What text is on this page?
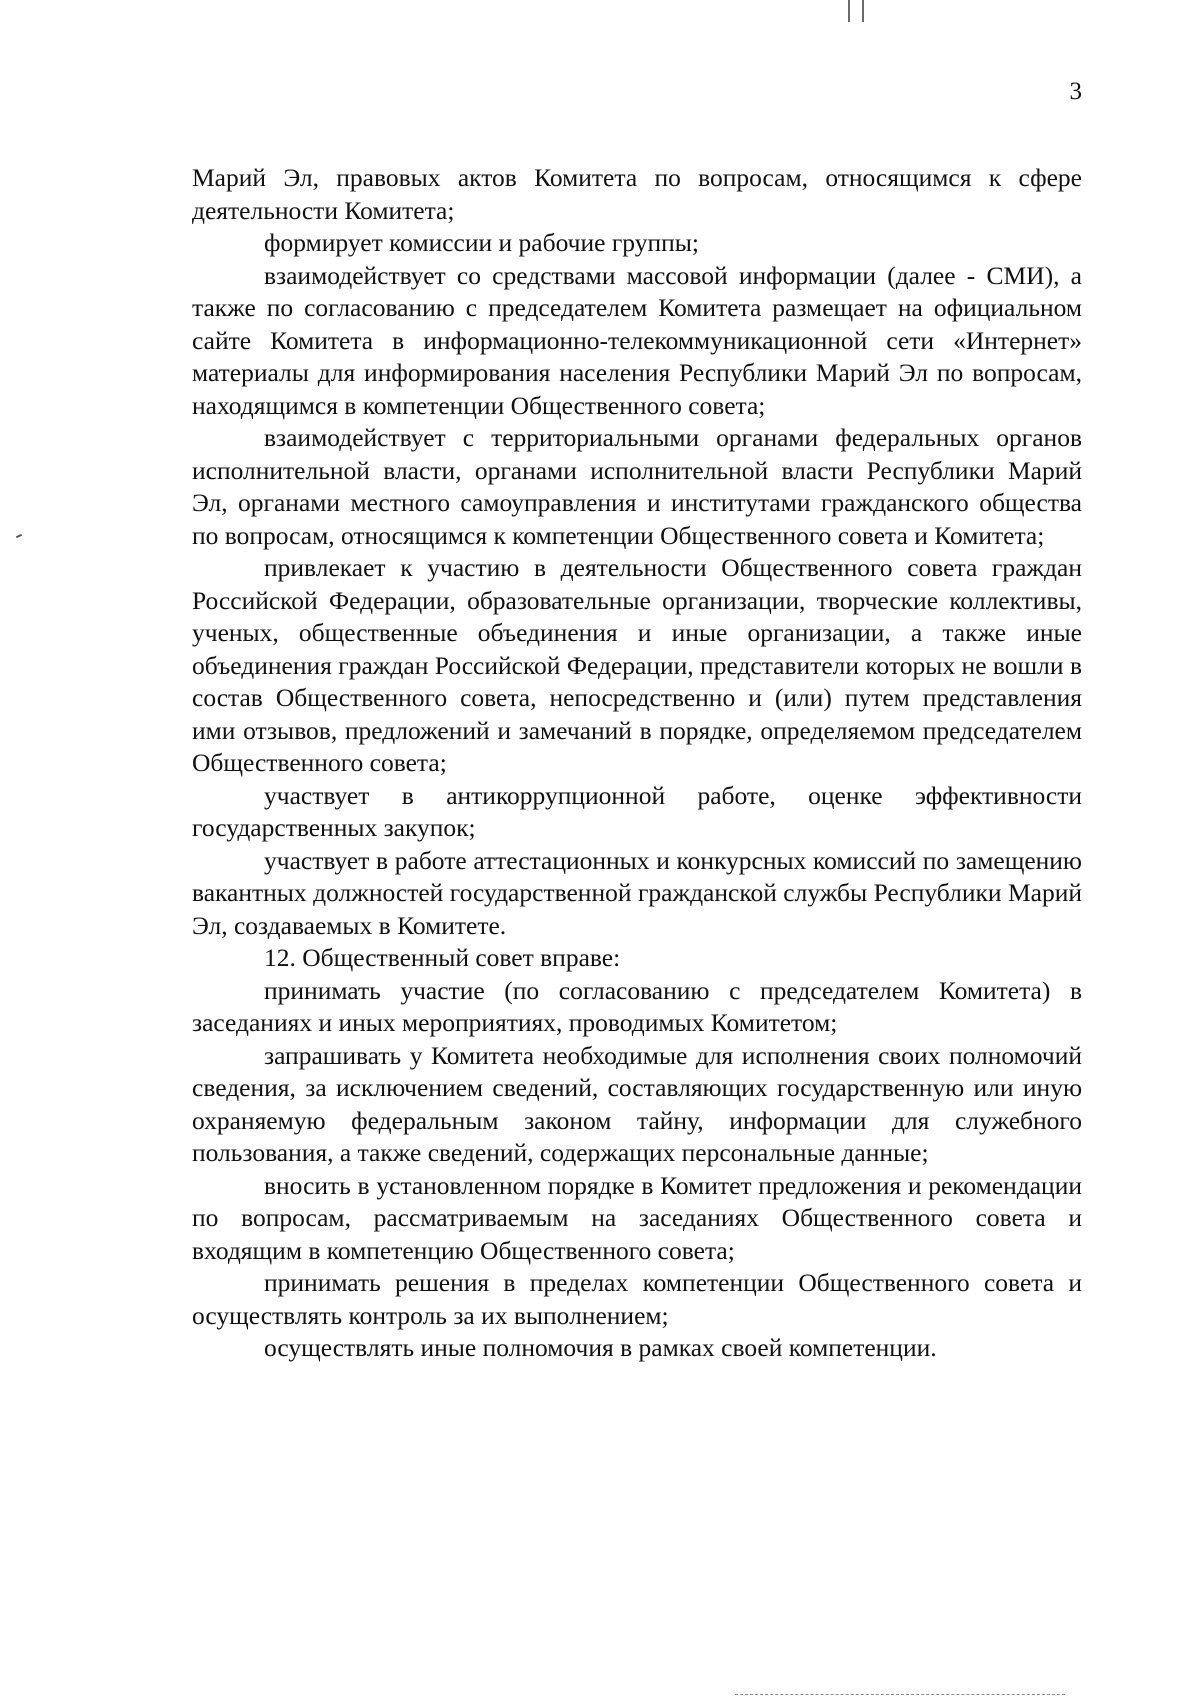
3

Марий Эл, правовых актов Комитета по вопросам, относящимся к сфере деятельности Комитета;

формирует комиссии и рабочие группы;

взаимодействует со средствами массовой информации (далее - СМИ), а также по согласованию с председателем Комитета размещает на официальном сайте Комитета в информационно-телекоммуникационной сети «Интернет» материалы для информирования населения Республики Марий Эл по вопросам, находящимся в компетенции Общественного совета;

взаимодействует с территориальными органами федеральных органов исполнительной власти, органами исполнительной власти Республики Марий Эл, органами местного самоуправления и институтами гражданского общества по вопросам, относящимся к компетенции Общественного совета и Комитета;

привлекает к участию в деятельности Общественного совета граждан Российской Федерации, образовательные организации, творческие коллективы, ученых, общественные объединения и иные организации, а также иные объединения граждан Российской Федерации, представители которых не вошли в состав Общественного совета, непосредственно и (или) путем представления ими отзывов, предложений и замечаний в порядке, определяемом председателем Общественного совета;

участвует в антикоррупционной работе, оценке эффективности государственных закупок;

участвует в работе аттестационных и конкурсных комиссий по замещению вакантных должностей государственной гражданской службы Республики Марий Эл, создаваемых в Комитете.

12. Общественный совет вправе:

принимать участие (по согласованию с председателем Комитета) в заседаниях и иных мероприятиях, проводимых Комитетом;

запрашивать у Комитета необходимые для исполнения своих полномочий сведения, за исключением сведений, составляющих государственную или иную охраняемую федеральным законом тайну, информации для служебного пользования, а также сведений, содержащих персональные данные;

вносить в установленном порядке в Комитет предложения и рекомендации по вопросам, рассматриваемым на заседаниях Общественного совета и входящим в компетенцию Общественного совета;

принимать решения в пределах компетенции Общественного совета и осуществлять контроль за их выполнением;

осуществлять иные полномочия в рамках своей компетенции.
